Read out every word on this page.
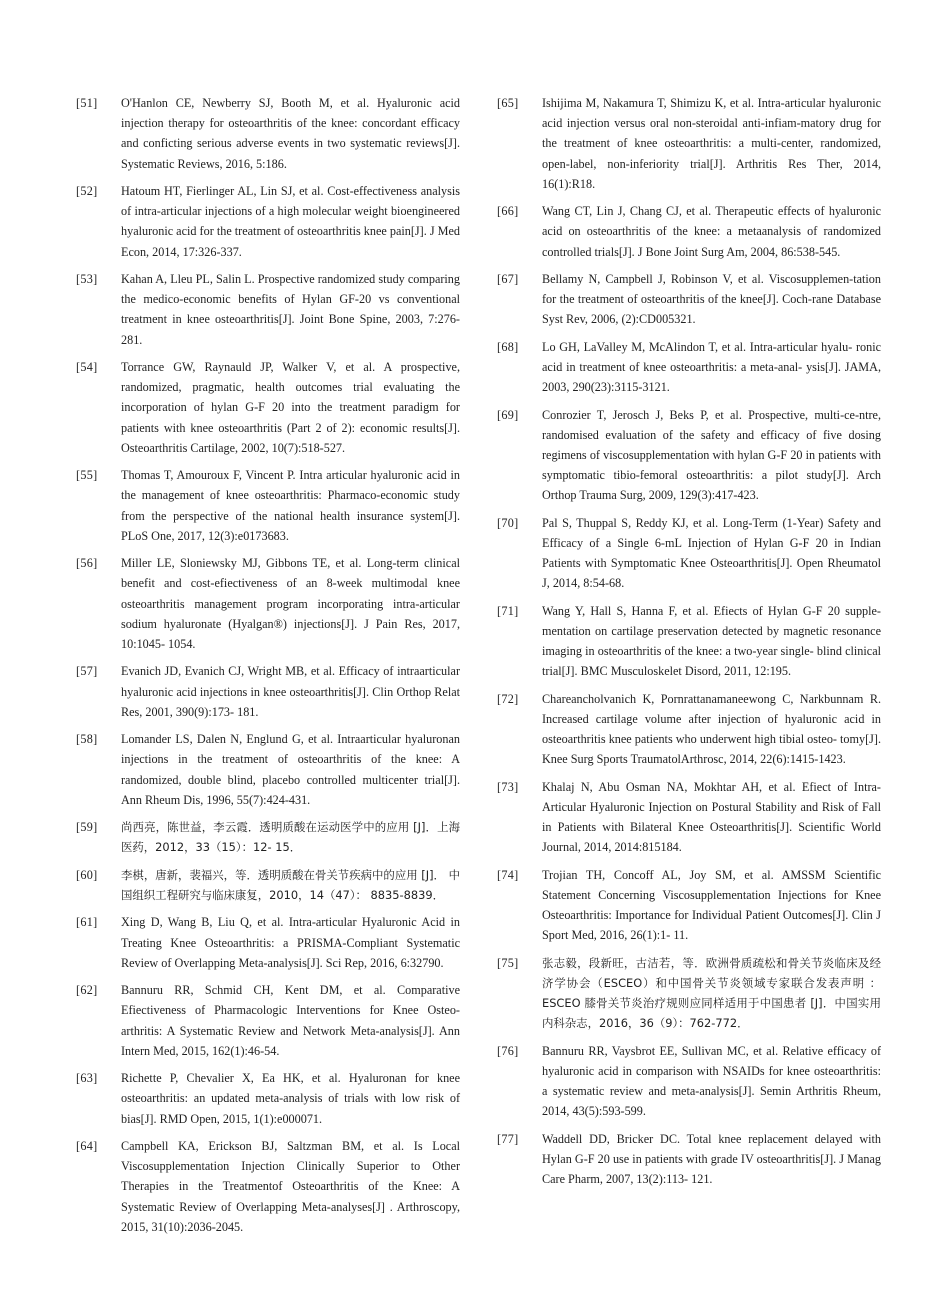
[51]	O'Hanlon CE, Newberry SJ, Booth M, et al. Hyaluronic acid injection therapy for osteoarthritis of the knee: concordant efficacy and conficting serious adverse events in two systematic reviews[J]. Systematic Reviews, 2016, 5:186.
[52]	Hatoum HT, Fierlinger AL, Lin SJ, et al. Cost-effectiveness analysis of intra-articular injections of a high molecular weight bioengineered hyaluronic acid for the treatment of osteoarthritis knee pain[J]. J Med Econ, 2014, 17:326-337.
[53]	Kahan A, Lleu PL, Salin L. Prospective randomized study comparing the medico-economic benefits of Hylan GF-20 vs conventional treatment in knee osteoarthritis[J]. Joint Bone Spine, 2003, 7:276-281.
[54]	Torrance GW, Raynauld JP, Walker V, et al. A prospective, randomized, pragmatic, health outcomes trial evaluating the incorporation of hylan G-F 20 into the treatment paradigm for patients with knee osteoarthritis (Part 2 of 2): economic results[J]. Osteoarthritis Cartilage, 2002, 10(7):518-527.
[55]	Thomas T, Amouroux F, Vincent P. Intra articular hyaluronic acid in the management of knee osteoarthritis: Pharmaco-economic study from the perspective of the national health insurance system[J]. PLoS One, 2017, 12(3):e0173683.
[56]	Miller LE, Sloniewsky MJ, Gibbons TE, et al. Long-term clinical benefit and cost-efiectiveness of an 8-week multimodal knee osteoarthritis management program incorporating intra-articular sodium hyaluronate (Hyalgan®) injections[J]. J Pain Res, 2017, 10:1045- 1054.
[57]	Evanich JD, Evanich CJ, Wright MB, et al. Efficacy of intraarticular hyaluronic acid injections in knee osteoarthritis[J]. Clin Orthop Relat Res, 2001, 390(9):173- 181.
[58]	Lomander LS, Dalen N, Englund G, et al. Intraarticular hyaluronan injections in the treatment of osteoarthritis of the knee: A randomized, double blind, placebo controlled multicenter trial[J]. Ann Rheum Dis, 1996, 55(7):424-431.
[59]	尚西亮，陈世益，李云霞．透明质酸在运动医学中的应用 [J]．上海医药，2012，33（15）：12- 15．
[60]	李棋，唐新，裴福兴，等．透明质酸在骨关节疾病中的应用 [J]． 中国组织工程研究与临床康复，2010，14（47）： 8835-8839．
[61]	Xing D, Wang B, Liu Q, et al. Intra-articular Hyaluronic Acid in Treating Knee Osteoarthritis: a PRISMA-Compliant Systematic Review of Overlapping Meta-analysis[J]. Sci Rep, 2016, 6:32790.
[62]	Bannuru RR, Schmid CH, Kent DM, et al. Comparative Efiectiveness of Pharmacologic Interventions for Knee Osteo- arthritis: A Systematic Review and Network Meta-analysis[J]. Ann Intern Med, 2015, 162(1):46-54.
[63]	Richette P, Chevalier X, Ea HK, et al. Hyaluronan for knee osteoarthritis: an updated meta-analysis of trials with low risk of bias[J]. RMD Open, 2015, 1(1):e000071.
[64]	Campbell KA, Erickson BJ, Saltzman BM, et al. Is Local Viscosupplementation Injection Clinically Superior to Other Therapies in the Treatmentof Osteoarthritis of the Knee: A Systematic Review of Overlapping Meta-analyses[J] . Arthroscopy, 2015, 31(10):2036-2045.
[65]	Ishijima M, Nakamura T, Shimizu K, et al. Intra-articular hyaluronic acid injection versus oral non-steroidal anti-infiam-matory drug for the treatment of knee osteoarthritis: a multi-center, randomized, open-label, non-inferiority trial[J]. Arthritis Res Ther, 2014, 16(1):R18.
[66]	Wang CT, Lin J, Chang CJ, et al. Therapeutic effects of hyaluronic acid on osteoarthritis of the knee: a metaanalysis of randomized controlled trials[J]. J Bone Joint Surg Am, 2004, 86:538-545.
[67]	Bellamy N, Campbell J, Robinson V, et al. Viscosupplemen-tation for the treatment of osteoarthritis of the knee[J]. Coch-rane Database Syst Rev, 2006, (2):CD005321.
[68]	Lo GH, LaValley M, McAlindon T, et al. Intra-articular hyalu- ronic acid in treatment of knee osteoarthritis: a meta-anal- ysis[J]. JAMA, 2003, 290(23):3115-3121.
[69]	Conrozier T, Jerosch J, Beks P, et al. Prospective, multi-ce-ntre, randomised evaluation of the safety and efficacy of five dosing regimens of viscosupplementation with hylan G-F 20 in patients with symptomatic tibio-femoral osteoarthritis: a pilot study[J]. Arch Orthop Trauma Surg, 2009, 129(3):417-423.
[70]	Pal S, Thuppal S, Reddy KJ, et al. Long-Term (1-Year) Safety and Efficacy of a Single 6-mL Injection of Hylan G-F 20 in Indian Patients with Symptomatic Knee Osteoarthritis[J]. Open Rheumatol J, 2014, 8:54-68.
[71]	Wang Y, Hall S, Hanna F, et al. Efiects of Hylan G-F 20 supple- mentation on cartilage preservation detected by magnetic resonance imaging in osteoarthritis of the knee: a two-year single- blind clinical trial[J]. BMC Musculoskelet Disord, 2011, 12:195.
[72]	Chareancholvanich K, Pornrattanamaneewong C, Narkbunnam R. Increased cartilage volume after injection of hyaluronic acid in osteoarthritis knee patients who underwent high tibial osteo- tomy[J]. Knee Surg Sports TraumatolArthrosc, 2014, 22(6):1415-1423.
[73]	Khalaj N, Abu Osman NA, Mokhtar AH, et al. Efiect of Intra-Articular Hyaluronic Injection on Postural Stability and Risk of Fall in Patients with Bilateral Knee Osteoarthritis[J]. Scientific World Journal, 2014, 2014:815184.
[74]	Trojian TH, Concoff AL, Joy SM, et al. AMSSM Scientific Statement Concerning Viscosupplementation Injections for Knee Osteoarthritis: Importance for Individual Patient Outcomes[J]. Clin J Sport Med, 2016, 26(1):1- 11.
[75]	张志毅，段新旺，古洁若，等．欧洲骨质疏松和骨关节炎临床及经济学协会（ESCEO）和中国骨关节炎领域专家联合发表声明 ：ESCEO 膝骨关节炎治疗规则应同样适用于中国患者 [J]．中国实用内科杂志，2016，36（9）：762-772．
[76]	Bannuru RR, Vaysbrot EE, Sullivan MC, et al. Relative efficacy of hyaluronic acid in comparison with NSAIDs for knee osteoarthritis: a systematic review and meta-analysis[J]. Semin Arthritis Rheum, 2014, 43(5):593-599.
[77]	Waddell DD, Bricker DC. Total knee replacement delayed with Hylan G-F 20 use in patients with grade IV osteoarthritis[J]. J Manag Care Pharm, 2007, 13(2):113- 121.
